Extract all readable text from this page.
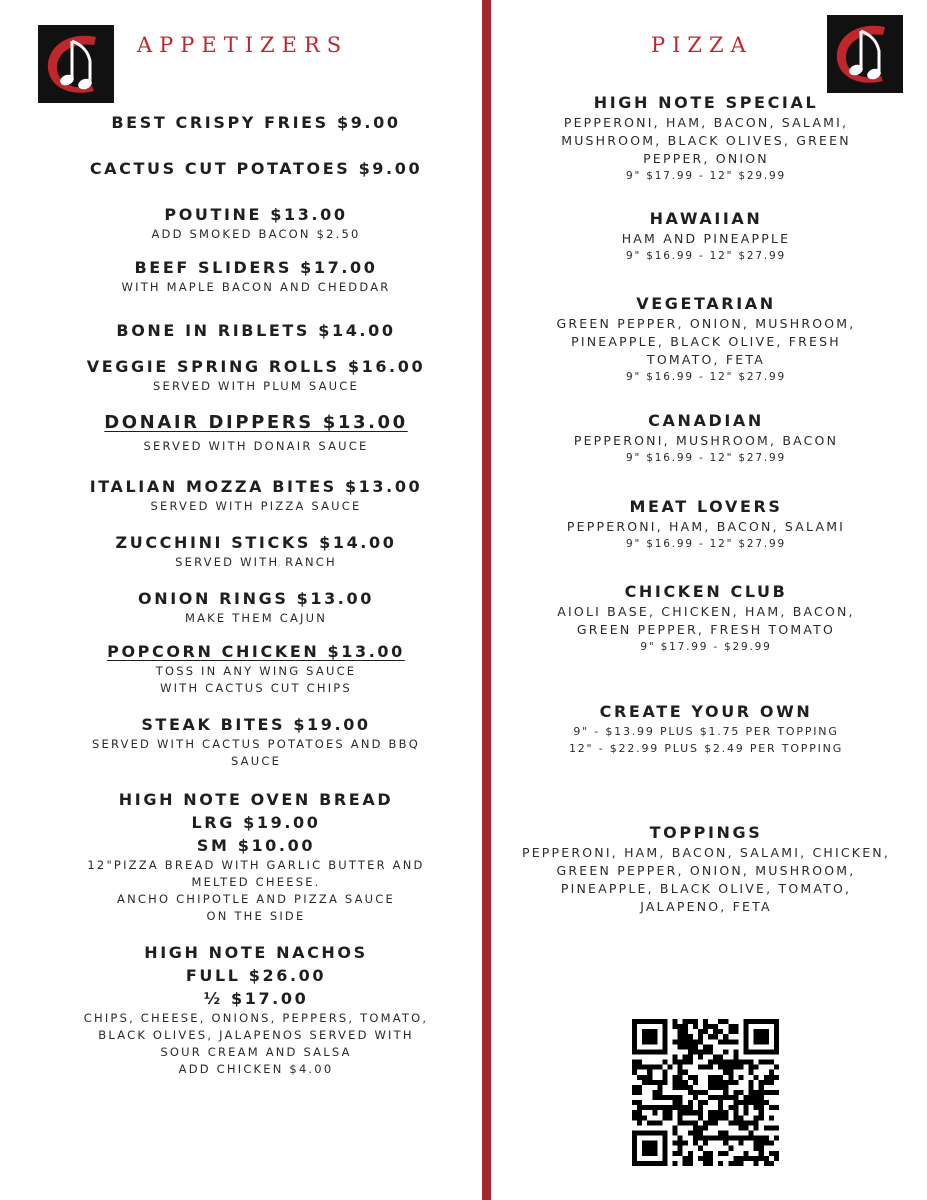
APPETIZERS	PIZZA
BEST CRISPY FRIES $9.00
CACTUS CUT POTATOES $9.00
POUTINE $13.00
ADD SMOKED BACON $2.50
BEEF SLIDERS $17.00
WITH MAPLE BACON AND CHEDDAR
BONE IN RIBLETS $14.00
VEGGIE SPRING ROLLS $16.00
SERVED WITH PLUM SAUCE
DONAIR DIPPERS $13.00
SERVED WITH DONAIR SAUCE
ITALIAN MOZZA BITES $13.00
SERVED WITH PIZZA SAUCE
ZUCCHINI STICKS $14.00
SERVED WITH RANCH
ONION RINGS $13.00
MAKE THEM CAJUN
POPCORN CHICKEN $13.00
TOSS IN ANY WING SAUCE
WITH CACTUS CUT CHIPS
STEAK BITES $19.00
SERVED WITH CACTUS POTATOES AND BBQ
SAUCE
HIGH NOTE OVEN BREAD
LRG $19.00
SM $10.00
12"PIZZA BREAD WITH GARLIC BUTTER AND
MELTED CHEESE.
ANCHO CHIPOTLE AND PIZZA SAUCE
ON THE SIDE
HIGH NOTE NACHOS
FULL $26.00
½ $17.00
CHIPS, CHEESE, ONIONS, PEPPERS, TOMATO,
BLACK OLIVES, JALAPENOS SERVED WITH
SOUR CREAM AND SALSA
ADD CHICKEN $4.00
HIGH NOTE SPECIAL
PEPPERONI, HAM, BACON, SALAMI,
MUSHROOM, BLACK OLIVES, GREEN
PEPPER, ONION
9" $17.99 - 12" $29.99
HAWAIIAN
HAM AND PINEAPPLE
9" $16.99 - 12" $27.99
VEGETARIAN
GREEN PEPPER, ONION, MUSHROOM,
PINEAPPLE, BLACK OLIVE, FRESH
TOMATO, FETA
9" $16.99 - 12" $27.99
CANADIAN
PEPPERONI, MUSHROOM, BACON
9" $16.99 - 12" $27.99
MEAT LOVERS
PEPPERONI, HAM, BACON, SALAMI
9" $16.99 - 12" $27.99
CHICKEN CLUB
AIOLI BASE, CHICKEN, HAM, BACON,
GREEN PEPPER, FRESH TOMATO
9" $17.99 - $29.99
CREATE YOUR OWN
9" - $13.99 PLUS $1.75 PER TOPPING
12" - $22.99 PLUS $2.49 PER TOPPING
TOPPINGS
PEPPERONI, HAM, BACON, SALAMI, CHICKEN,
GREEN PEPPER, ONION, MUSHROOM,
PINEAPPLE, BLACK OLIVE, TOMATO,
JALAPENO, FETA
